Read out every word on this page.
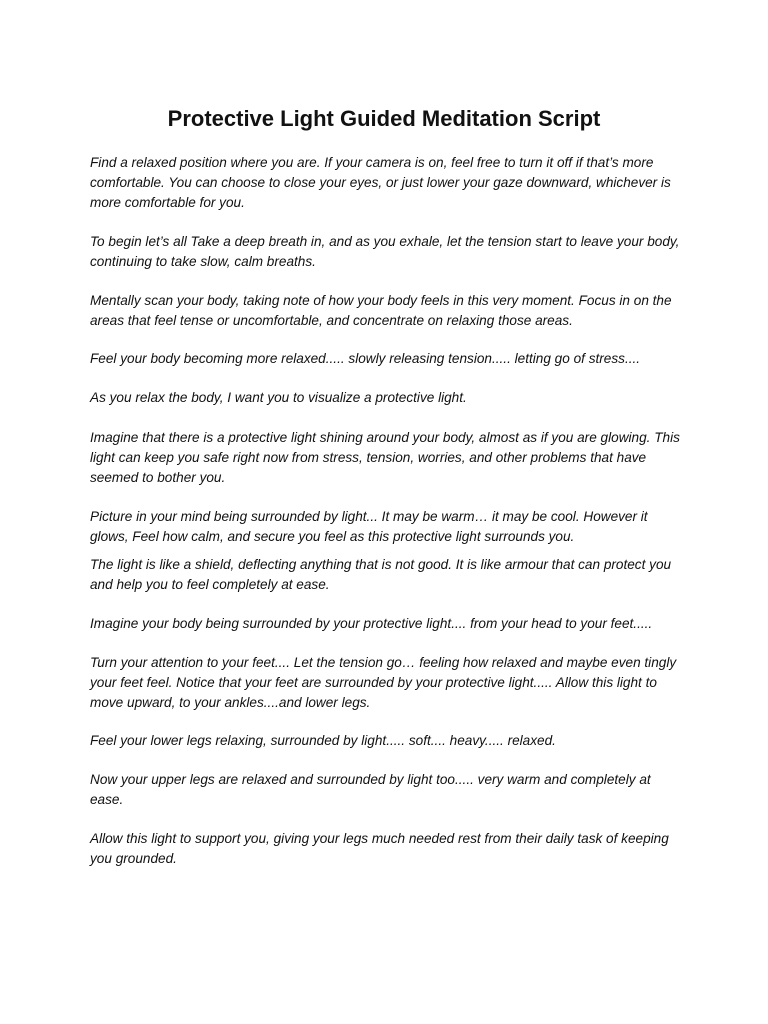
Protective Light Guided Meditation Script

Find a relaxed position where you are. If your camera is on, feel free to turn it off if that’s more comfortable. You can choose to close your eyes, or just lower your gaze downward, whichever is more comfortable for you.

To begin let’s all Take a deep breath in, and as you exhale, let the tension start to leave your body, continuing to take slow, calm breaths.

Mentally scan your body, taking note of how your body feels in this very moment. Focus in on the areas that feel tense or uncomfortable, and concentrate on relaxing those areas.

Feel your body becoming more relaxed..... slowly releasing tension..... letting go of stress....

As you relax the body, I want you to visualize a protective light.

Imagine that there is a protective light shining around your body, almost as if you are glowing. This light can keep you safe right now from stress, tension, worries, and other problems that have seemed to bother you.

Picture in your mind being surrounded by light... It may be warm… it may be cool. However it glows, Feel how calm, and secure you feel as this protective light surrounds you.

The light is like a shield, deflecting anything that is not good. It is like armour that can protect you and help you to feel completely at ease.

Imagine your body being surrounded by your protective light.... from your head to your feet.....

Turn your attention to your feet.... Let the tension go… feeling how relaxed and maybe even tingly your feet feel. Notice that your feet are surrounded by your protective light..... Allow this light to move upward, to your ankles....and lower legs.

Feel your lower legs relaxing, surrounded by light..... soft.... heavy..... relaxed.

Now your upper legs are relaxed and surrounded by light too..... very warm and completely at ease.

Allow this light to support you, giving your legs much needed rest from their daily task of keeping you grounded.
